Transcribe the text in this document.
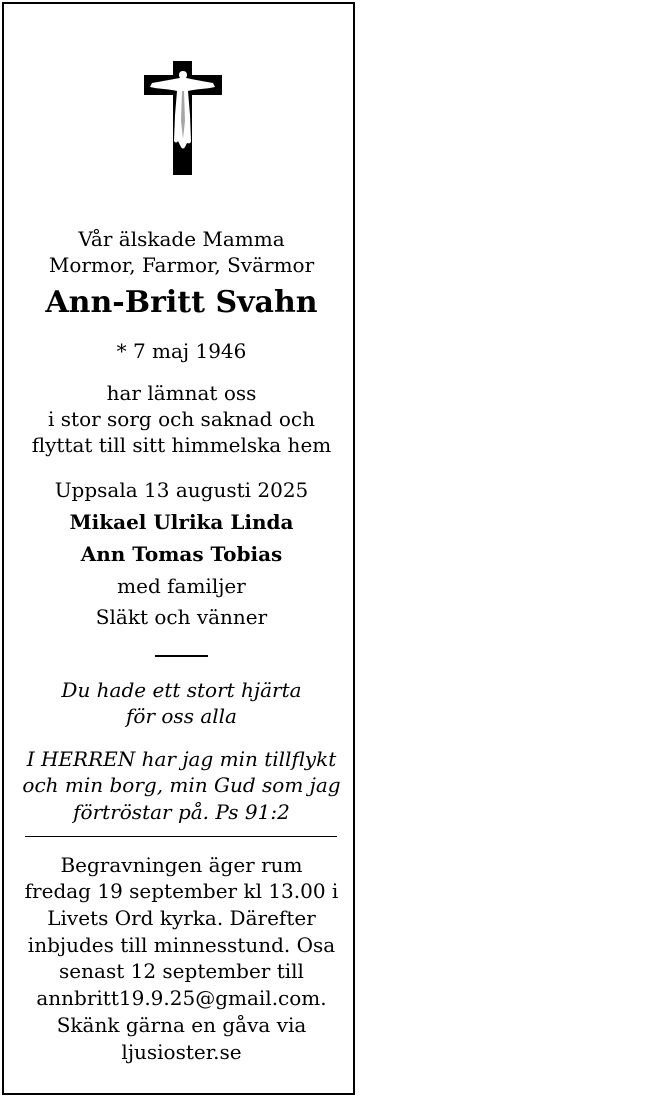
Vår älskade Mamma
Mormor, Farmor, Svärmor
Ann-Britt Svahn
* 7 maj 1946
har lämnat oss
i stor sorg och saknad och
flyttat till sitt himmelska hem
Uppsala 13 augusti 2025
Mikael Ulrika Linda
Ann Tomas Tobias
med familjer
Släkt och vänner
Du hade ett stort hjärta
för oss alla
I HERREN har jag min tillflykt
och min borg, min Gud som jag
förtröstar på. Ps 91:2
Begravningen äger rum
fredag 19 september kl 13.00 i
Livets Ord kyrka. Därefter
inbjudes till minnesstund. Osa
senast 12 september till
annbritt19.9.25@gmail.com.
Skänk gärna en gåva via
ljusioster.se
